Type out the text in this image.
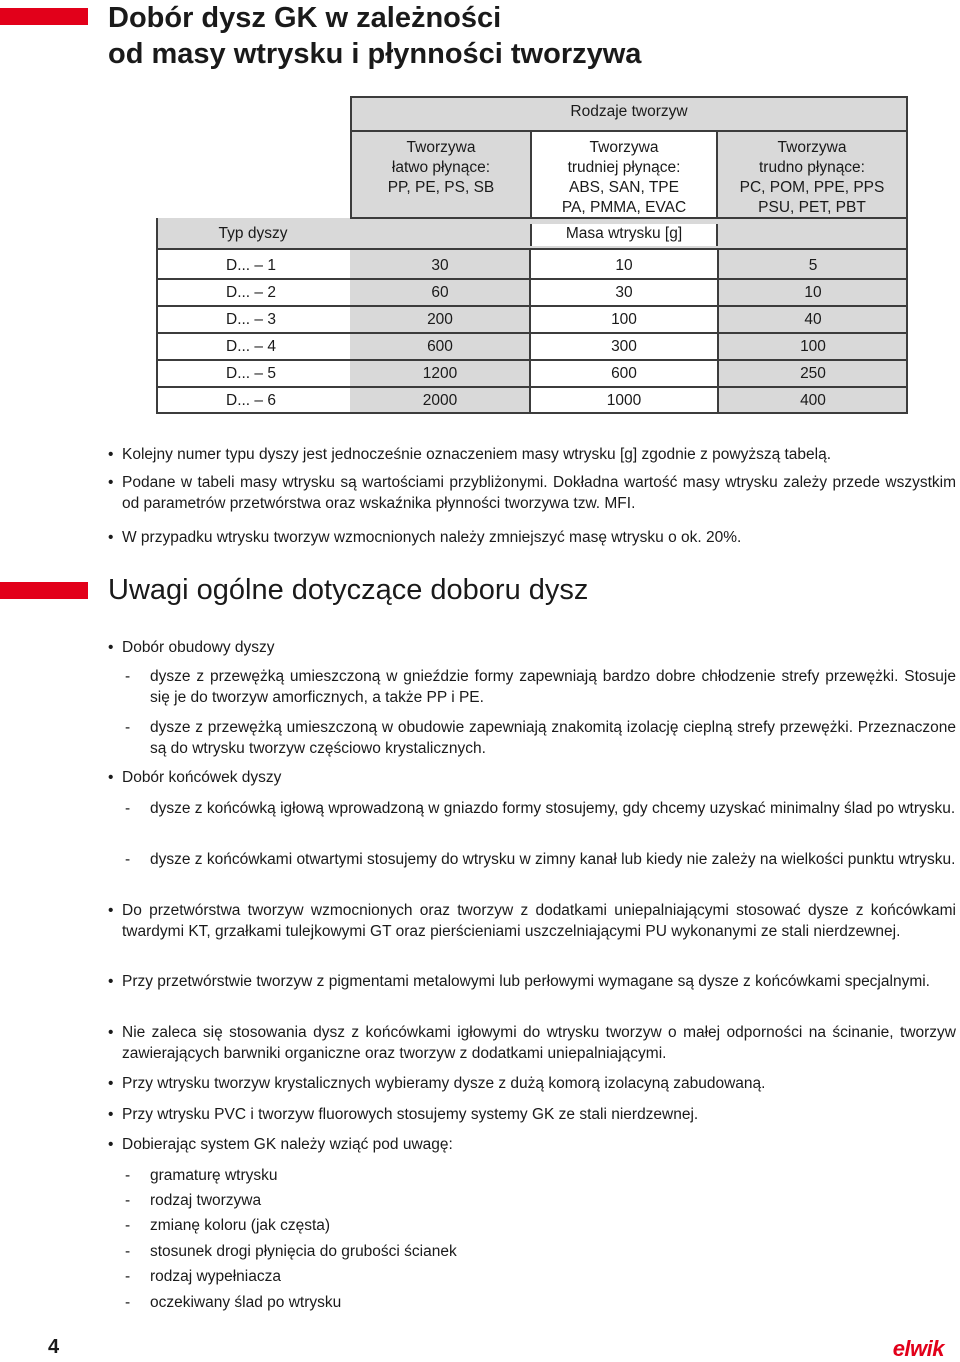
Dobór dysz GK w zależności
od masy wtrysku i płynności tworzywa
Rodzaje tworzyw
Tworzywa
łatwo płynące:
PP, PE, PS, SB
Tworzywa
trudniej płynące:
ABS, SAN, TPE
PA, PMMA, EVAC
Tworzywa
trudno płynące:
PC, POM, PPE, PPS
PSU, PET, PBT
Typ dyszy	Masa wtrysku [g]
D... – 1	30	10	5
D... – 2	60	30	10
D... – 3	200	100	40
D... – 4	600	300	100
D... – 5	1200	600	250
D... – 6	2000	1000	400
• Kolejny numer typu dyszy jest jednocześnie oznaczeniem masy wtrysku [g] zgodnie z powyższą tabelą.
• Podane w tabeli masy wtrysku są wartościami przybliżonymi. Dokładna wartość masy wtrysku zależy przede wszystkim od parametrów przetwórstwa oraz wskaźnika płynności tworzywa tzw. MFI.
• W przypadku wtrysku tworzyw wzmocnionych należy zmniejszyć masę wtrysku o ok. 20%.
Uwagi ogólne dotyczące doboru dysz
• Dobór obudowy dyszy
- dysze z przewężką umieszczoną w gnieździe formy zapewniają bardzo dobre chłodzenie strefy przewężki. Stosuje się je do tworzyw amorficznych, a także PP i PE.
- dysze z przewężką umieszczoną w obudowie zapewniają znakomitą izolację cieplną strefy przewężki. Przeznaczone są do wtrysku tworzyw częściowo krystalicznych.
• Dobór końcówek dyszy
- dysze z końcówką igłową wprowadzoną w gniazdo formy stosujemy, gdy chcemy uzyskać minimalny ślad po wtrysku.
- dysze z końcówkami otwartymi stosujemy do wtrysku w zimny kanał lub kiedy nie zależy na wielkości punktu wtrysku.
• Do przetwórstwa tworzyw wzmocnionych oraz tworzyw z dodatkami uniepalniającymi stosować dysze z końcówkami twardymi KT, grzałkami tulejkowymi GT oraz pierścieniami uszczelniającymi PU wykonanymi ze stali nierdzewnej.
• Przy przetwórstwie tworzyw z pigmentami metalowymi lub perłowymi wymagane są dysze z końcówkami specjalnymi.
• Nie zaleca się stosowania dysz z końcówkami igłowymi do wtrysku tworzyw o małej odporności na ścinanie, tworzyw zawierających barwniki organiczne oraz tworzyw z dodatkami uniepalniającymi.
• Przy wtrysku tworzyw krystalicznych wybieramy dysze z dużą komorą izolacyną zabudowaną.
• Przy wtrysku PVC i tworzyw fluorowych stosujemy systemy GK ze stali nierdzewnej.
• Dobierając system GK należy wziąć pod uwagę:
- gramaturę wtrysku
- rodzaj tworzywa
- zmianę koloru (jak częsta)
- stosunek drogi płynięcia do grubości ścianek
- rodzaj wypełniacza
- oczekiwany ślad po wtrysku
4	elwik
